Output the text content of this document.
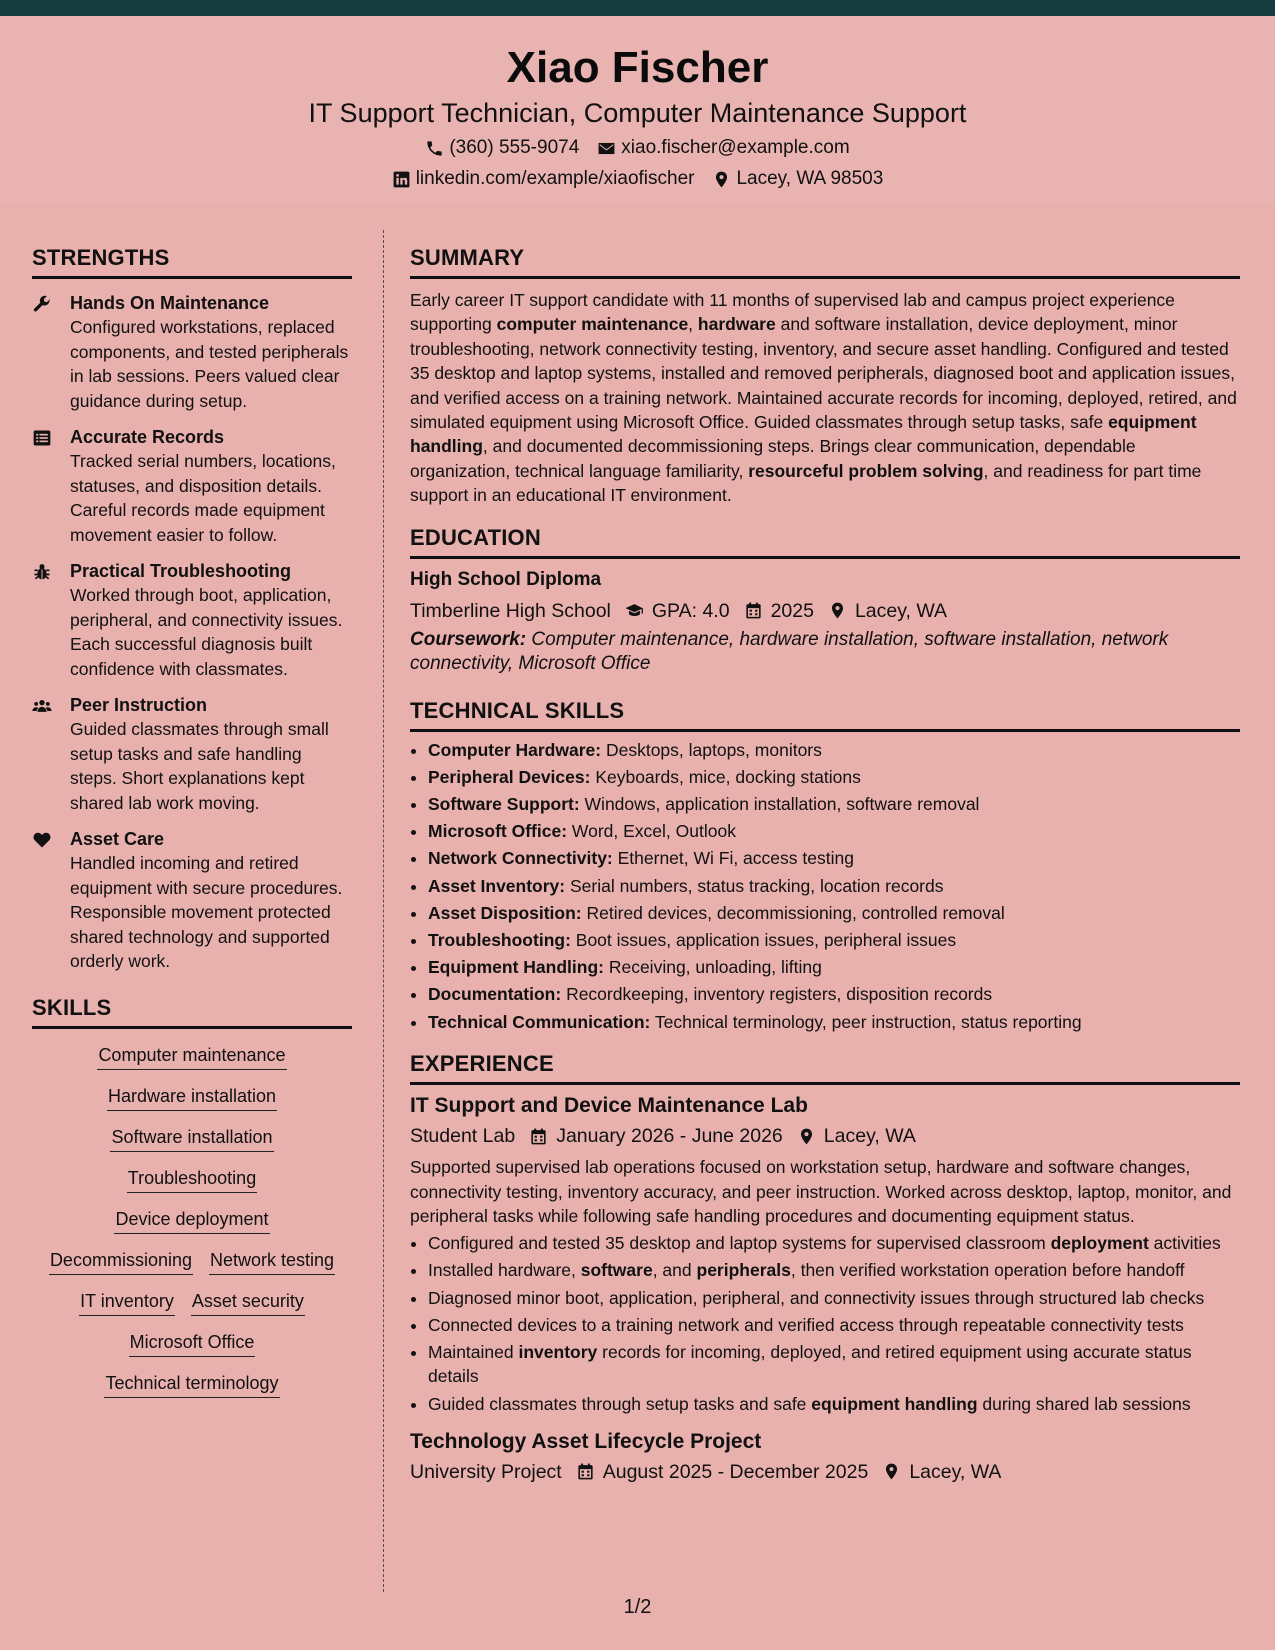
Xiao Fischer
IT Support Technician, Computer Maintenance Support
(360) 555-9074 xiao.fischer@example.com
linkedin.com/example/xiaofischer Lacey, WA 98503
STRENGTHS
Hands On Maintenance
Configured workstations, replaced components, and tested peripherals in lab sessions. Peers valued clear guidance during setup.
Accurate Records
Tracked serial numbers, locations, statuses, and disposition details. Careful records made equipment movement easier to follow.
Practical Troubleshooting
Worked through boot, application, peripheral, and connectivity issues. Each successful diagnosis built confidence with classmates.
Peer Instruction
Guided classmates through small setup tasks and safe handling steps. Short explanations kept shared lab work moving.
Asset Care
Handled incoming and retired equipment with secure procedures. Responsible movement protected shared technology and supported orderly work.
SKILLS
Computer maintenance
Hardware installation
Software installation
Troubleshooting
Device deployment
Decommissioning Network testing
IT inventory Asset security
Microsoft Office
Technical terminology
SUMMARY
Early career IT support candidate with 11 months of supervised lab and campus project experience supporting computer maintenance, hardware and software installation, device deployment, minor troubleshooting, network connectivity testing, inventory, and secure asset handling. Configured and tested 35 desktop and laptop systems, installed and removed peripherals, diagnosed boot and application issues, and verified access on a training network. Maintained accurate records for incoming, deployed, retired, and simulated equipment using Microsoft Office. Guided classmates through setup tasks, safe equipment handling, and documented decommissioning steps. Brings clear communication, dependable organization, technical language familiarity, resourceful problem solving, and readiness for part time support in an educational IT environment.
EDUCATION
High School Diploma
Timberline High School GPA: 4.0 2025 Lacey, WA
Coursework: Computer maintenance, hardware installation, software installation, network connectivity, Microsoft Office
TECHNICAL SKILLS
• Computer Hardware: Desktops, laptops, monitors
• Peripheral Devices: Keyboards, mice, docking stations
• Software Support: Windows, application installation, software removal
• Microsoft Office: Word, Excel, Outlook
• Network Connectivity: Ethernet, Wi Fi, access testing
• Asset Inventory: Serial numbers, status tracking, location records
• Asset Disposition: Retired devices, decommissioning, controlled removal
• Troubleshooting: Boot issues, application issues, peripheral issues
• Equipment Handling: Receiving, unloading, lifting
• Documentation: Recordkeeping, inventory registers, disposition records
• Technical Communication: Technical terminology, peer instruction, status reporting
EXPERIENCE
IT Support and Device Maintenance Lab
Student Lab January 2026 - June 2026 Lacey, WA
Supported supervised lab operations focused on workstation setup, hardware and software changes, connectivity testing, inventory accuracy, and peer instruction. Worked across desktop, laptop, monitor, and peripheral tasks while following safe handling procedures and documenting equipment status.
• Configured and tested 35 desktop and laptop systems for supervised classroom deployment activities
• Installed hardware, software, and peripherals, then verified workstation operation before handoff
• Diagnosed minor boot, application, peripheral, and connectivity issues through structured lab checks
• Connected devices to a training network and verified access through repeatable connectivity tests
• Maintained inventory records for incoming, deployed, and retired equipment using accurate status details
• Guided classmates through setup tasks and safe equipment handling during shared lab sessions
Technology Asset Lifecycle Project
University Project August 2025 - December 2025 Lacey, WA
1/2
